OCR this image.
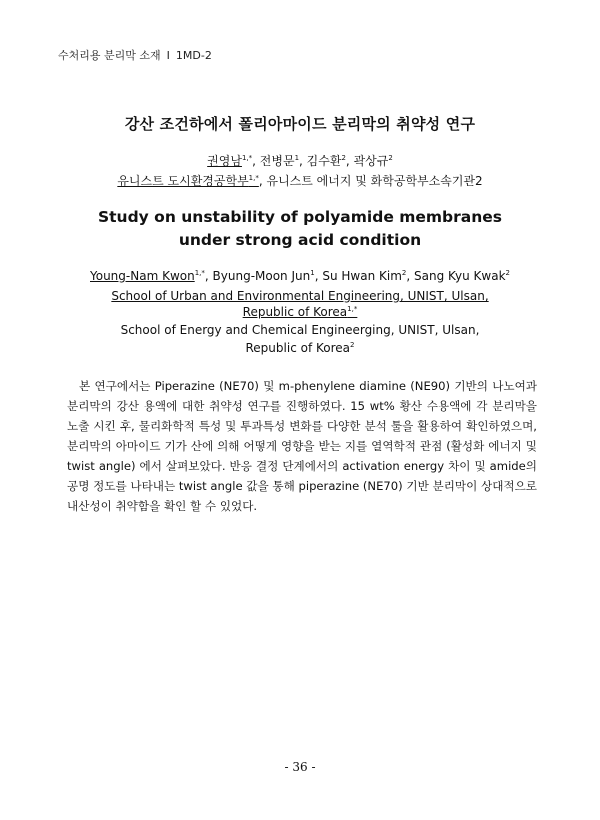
수처리용 분리막 소재 Ⅰ 1MD-2
강산 조건하에서 폴리아마이드 분리막의 취약성 연구
권영남$^{1,*}$, 전병문$^1$, 김수환$^2$, 곽상규$^2$
유니스트 도시환경공학부$^{1,*}$, 유니스트 에너지 및 화학공학부소속기관2
Study on unstability of polyamide membranes
under strong acid condition
Young-Nam Kwon$^{1,*}$, Byung-Moon Jun$^1$, Su Hwan Kim$^2$, Sang Kyu Kwak$^2$
School of Urban and Environmental Engineering, UNIST, Ulsan,
Republic of Korea$^{1,*}$
School of Energy and Chemical Engineerging, UNIST, Ulsan,
Republic of Korea$^2$
본 연구에서는 Piperazine (NE70) 및 m-phenylene diamine (NE90) 기반의 나노여과 분리막의 강산 용액에 대한 취약성 연구를 진행하였다. 15 wt% 황산 수용액에 각 분리막을 노출 시킨 후, 물리화학적 특성 및 투과특성 변화를 다양한 분석 툴을 활용하여 확인하였으며, 분리막의 아마이드 기가 산에 의해 어떻게 영향을 받는 지를 열역학적 관점 (활성화 에너지 및 twist angle) 에서 살펴보았다. 반응 결정 단계에서의 activation energy 차이 및 amide의 공명 정도를 나타내는 twist angle 값을 통해 piperazine (NE70) 기반 분리막이 상대적으로 내산성이 취약함을 확인 할 수 있었다.
- 36 -
